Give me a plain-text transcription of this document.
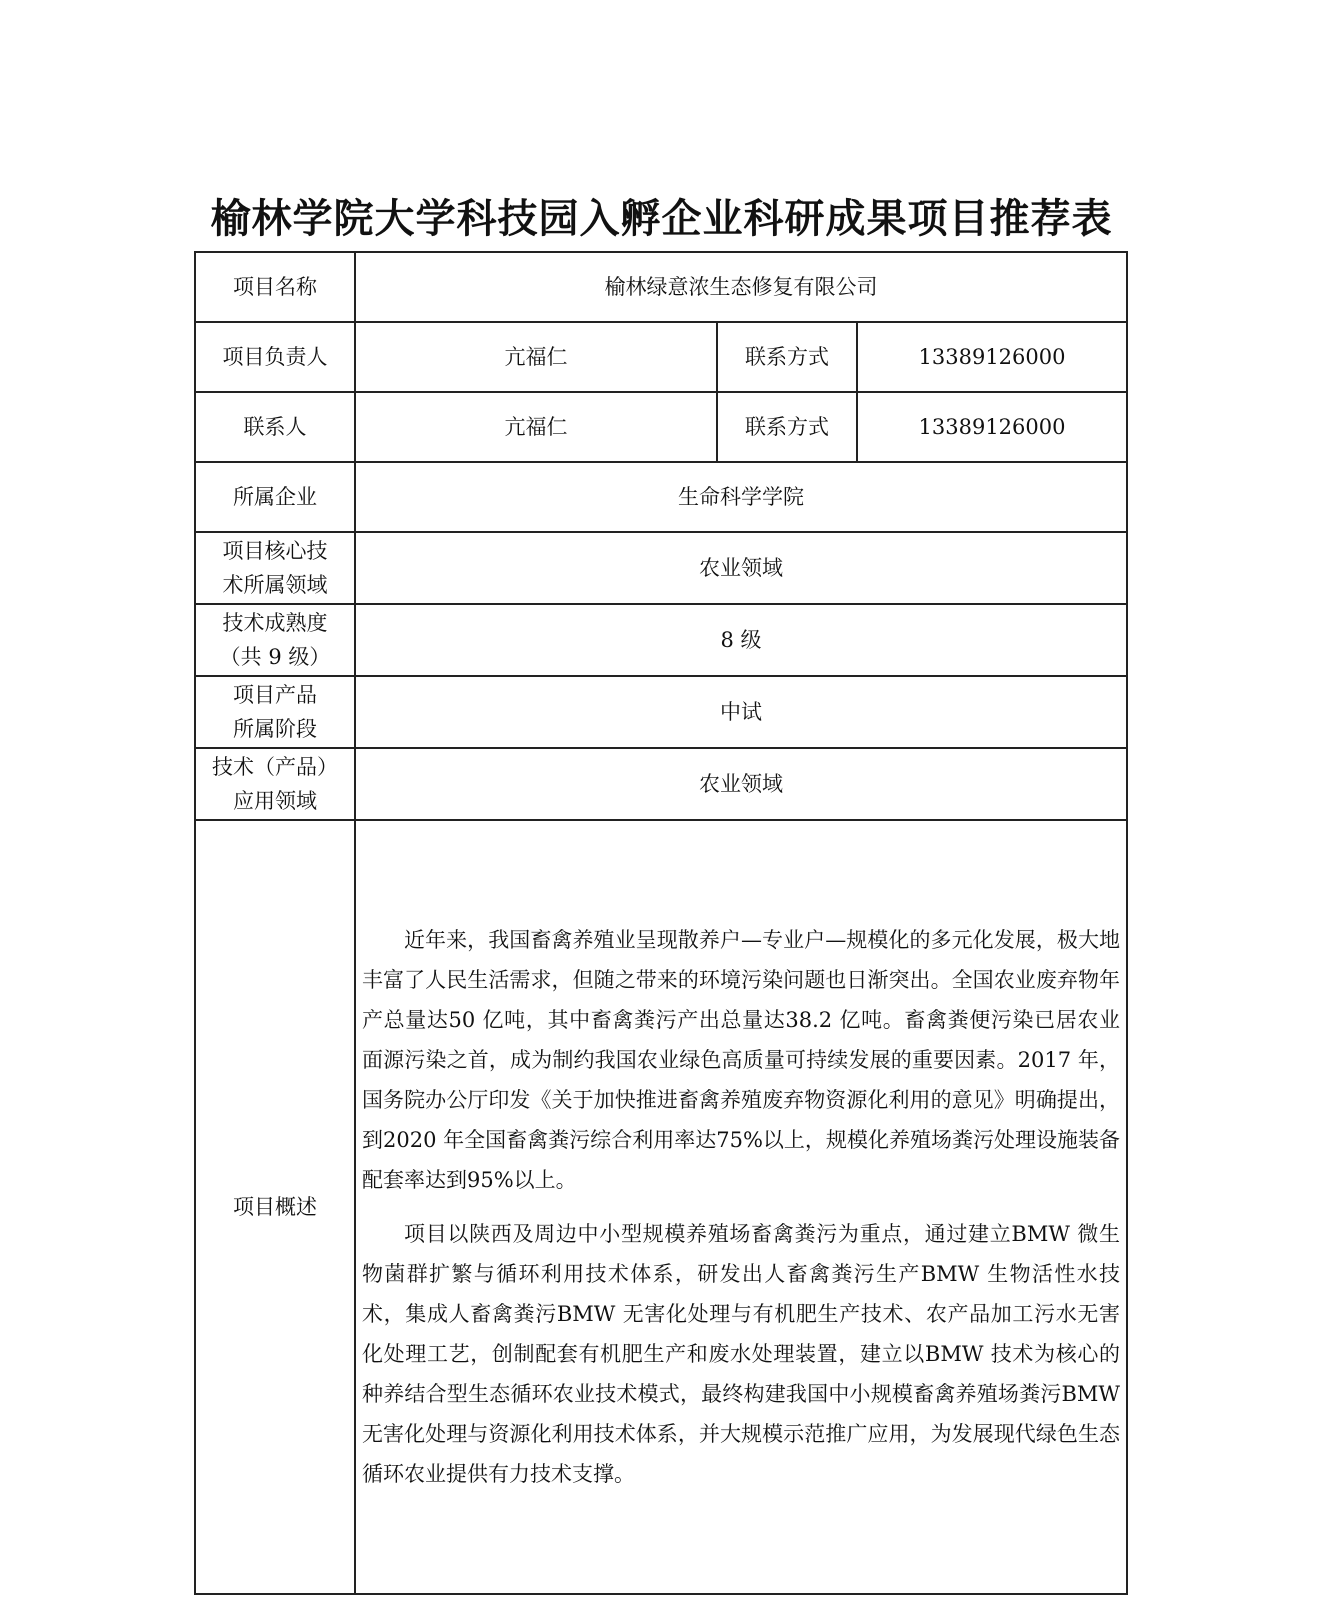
榆林学院大学科技园入孵企业科研成果项目推荐表
项目名称	榆林绿意浓生态修复有限公司		
项目负责人	亢福仁	联系方式	13389126000
联系人	亢福仁	联系方式	13389126000
所属企业	生命科学学院		

项目核心技
术所属领域	农业领域		

技术成熟度
（共 9 级）	8 级		

项目产品
所属阶段	中试		

技术（产品）
应用领域	农业领域		
项目概述	近年来，我国畜禽养殖业呈现散养户—专业户—规模化的多元化发展，极大地丰富了人民生活需求，但随之带来的环境污染问题也日渐突出。全国农业废弃物年产总量达50 亿吨，其中畜禽粪污产出总量达38.2 亿吨。畜禽粪便污染已居农业面源污染之首，成为制约我国农业绿色高质量可持续发展的重要因素。2017 年，国务院办公厅印发《关于加快推进畜禽养殖废弃物资源化利用的意见》明确提出，到2020 年全国畜禽粪污综合利用率达75%以上，规模化养殖场粪污处理设施装备配套率达到95%以上。

项目以陕西及周边中小型规模养殖场畜禽粪污为重点，通过建立BMW 微生物菌群扩繁与循环利用技术体系，研发出人畜禽粪污生产BMW 生物活性水技术，集成人畜禽粪污BMW 无害化处理与有机肥生产技术、农产品加工污水无害化处理工艺，创制配套有机肥生产和废水处理装置，建立以BMW 技术为核心的种养结合型生态循环农业技术模式，最终构建我国中小规模畜禽养殖场粪污BMW 无害化处理与资源化利用技术体系，并大规模示范推广应用，为发展现代绿色生态循环农业提供有力技术支撑。		
